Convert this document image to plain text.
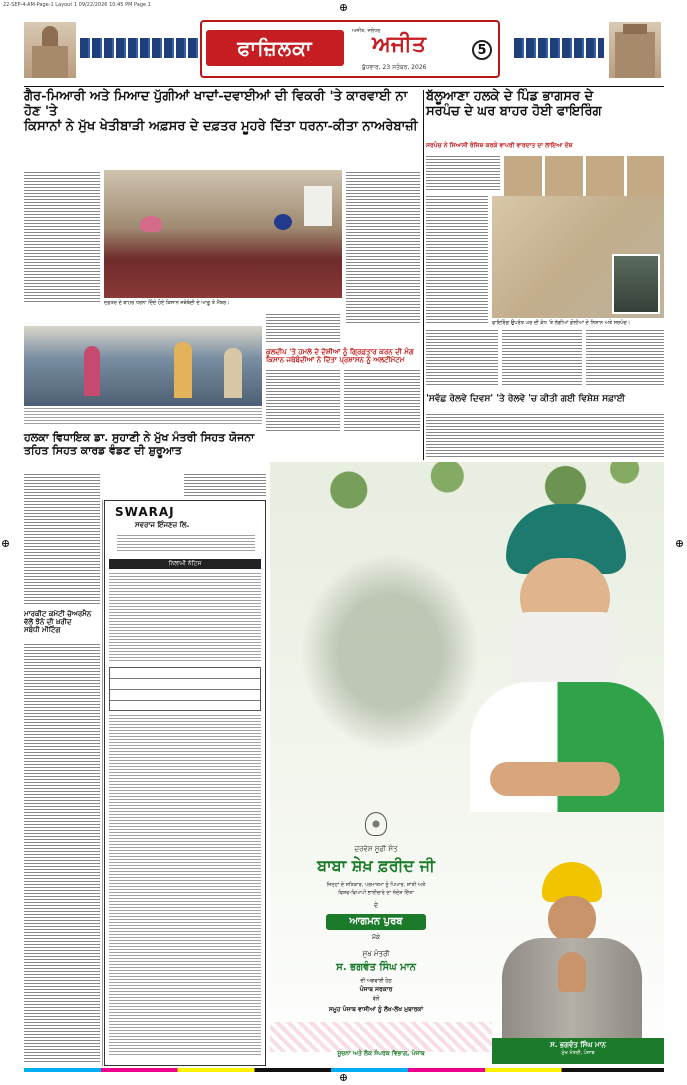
22-SEP-4-AM-Page-1 Layout 1 09/22/2026 10:45 PM Page 1
ਫਾਜ਼ਿਲਕਾ
ਅਜੀਤ, ਜਲੰਧਰ
ਅਜੀਤ
ਬੁੱਧਵਾਰ, 23 ਸਤੰਬਰ, 2026
5
ਗੈਰ-ਮਿਆਰੀ ਅਤੇ ਮਿਆਦ ਪੁੱਗੀਆਂ ਖਾਦਾਂ-ਦਵਾਈਆਂ ਦੀ ਵਿਕਰੀ 'ਤੇ ਕਾਰਵਾਈ ਨਾ ਹੋਣ 'ਤੇ
ਕਿਸਾਨਾਂ ਨੇ ਮੁੱਖ ਖੇਤੀਬਾੜੀ ਅਫ਼ਸਰ ਦੇ ਦਫ਼ਤਰ ਮੂਹਰੇ ਦਿੱਤਾ ਧਰਨਾ-ਕੀਤਾ ਨਾਅਰੇਬਾਜ਼ੀ
ਦਫ਼ਤਰ ਦੇ ਬਾਹਰ ਧਰਨਾ ਦਿੰਦੇ ਹੋਏ ਕਿਸਾਨ ਜਥੇਬੰਦੀ ਦੇ ਆਗੂ ਤੇ ਮੈਂਬਰ।
ਕੁਲਦੀਪ 'ਤੇ ਹਮਲੇ ਦੇ ਦੋਸ਼ੀਆਂ ਨੂੰ ਗ੍ਰਿਫ਼ਤਾਰ ਕਰਨ ਦੀ ਮੰਗ
ਕਿਸਾਨ ਜਥੇਬੰਦੀਆਂ ਨੇ ਦਿੱਤਾ ਪ੍ਰਸ਼ਾਸਨ ਨੂੰ ਅਲਟੀਮੇਟਮ
ਹਲਕਾ ਵਿਧਾਇਕ ਡਾ. ਸੁਹਾਣੀ ਨੇ ਮੁੱਖ ਮੰਤਰੀ ਸਿਹਤ ਯੋਜਨਾ
ਤਹਿਤ ਸਿਹਤ ਕਾਰਡ ਵੰਡਣ ਦੀ ਸ਼ੁਰੂਆਤ
ਮਾਰਕੀਟ ਕਮੇਟੀ ਚੇਅਰਮੈਨ
ਵੱਲੋਂ ਝੋਨੇ ਦੀ ਖ਼ਰੀਦ
ਸਬੰਧੀ ਮੀਟਿੰਗ
SWARAJ
ਸਵਰਾਜ ਇੰਜਣਜ਼ ਲਿ.
ਨਿਲਾਮੀ ਨੋਟਿਸ
ਬੱਲੂਆਣਾ ਹਲਕੇ ਦੇ ਪਿੰਡ ਭਾਗਸਰ ਦੇ
ਸਰਪੰਚ ਦੇ ਘਰ ਬਾਹਰ ਹੋਈ ਫਾਇਰਿੰਗ
ਸਰਪੰਚ ਨੇ ਸਿਆਸੀ ਰੰਜਿਸ਼ ਕਰਕੇ ਵਾਪਰੀ ਵਾਰਦਾਤ ਦਾ ਲਾਇਆ ਦੋਸ਼
ਫਾਇਰਿੰਗ ਉਪਰੰਤ ਘਰ ਦੀ ਕੰਧ 'ਤੇ ਲੱਗੀਆਂ ਗੋਲੀਆਂ ਦੇ ਨਿਸ਼ਾਨ ਅਤੇ ਸਰਪੰਚ।
'ਸਵੱਛ ਰੇਲਵੇ ਦਿਵਸ' 'ਤੇ ਰੇਲਵੇ 'ਚ ਕੀਤੀ ਗਈ ਵਿਸ਼ੇਸ਼ ਸਫ਼ਾਈ
ਦਰਵੇਸ਼ ਸੂਫ਼ੀ ਸੰਤ
ਬਾਬਾ ਸ਼ੇਖ਼ ਫ਼ਰੀਦ ਜੀ
ਜਿਨ੍ਹਾਂ ਦੇ ਸਤਿਕਾਰ, ਪਰਮਾਤਮਾ ਨੂੰ ਪਿਆਰ, ਸ਼ਾਂਤੀ ਅਤੇ
ਵਿਸ਼ਵ-ਵਿਆਪੀ ਭਾਈਚਾਰੇ ਦਾ ਸੰਦੇਸ਼ ਦਿੱਤਾ
ਦੇ
ਆਗਮਨ ਪੁਰਬ
ਮੌਕੇ
ਮੁੱਖ ਮੰਤਰੀ
ਸ. ਭਗਵੰਤ ਸਿੰਘ ਮਾਨ
ਦੀ ਅਗਵਾਈ ਹੇਠ
ਪੰਜਾਬ ਸਰਕਾਰ
ਵੱਲੋਂ
ਸਮੂਹ ਪੰਜਾਬ ਵਾਸੀਆਂ ਨੂੰ ਲੱਖ-ਲੱਖ ਮੁਬਾਰਕਾਂ
ਸ. ਭਗਵੰਤ ਸਿੰਘ ਮਾਨ
ਮੁੱਖ ਮੰਤਰੀ, ਪੰਜਾਬ
ਸੂਚਨਾ ਅਤੇ ਲੋਕ ਸੰਪਰਕ ਵਿਭਾਗ, ਪੰਜਾਬ
